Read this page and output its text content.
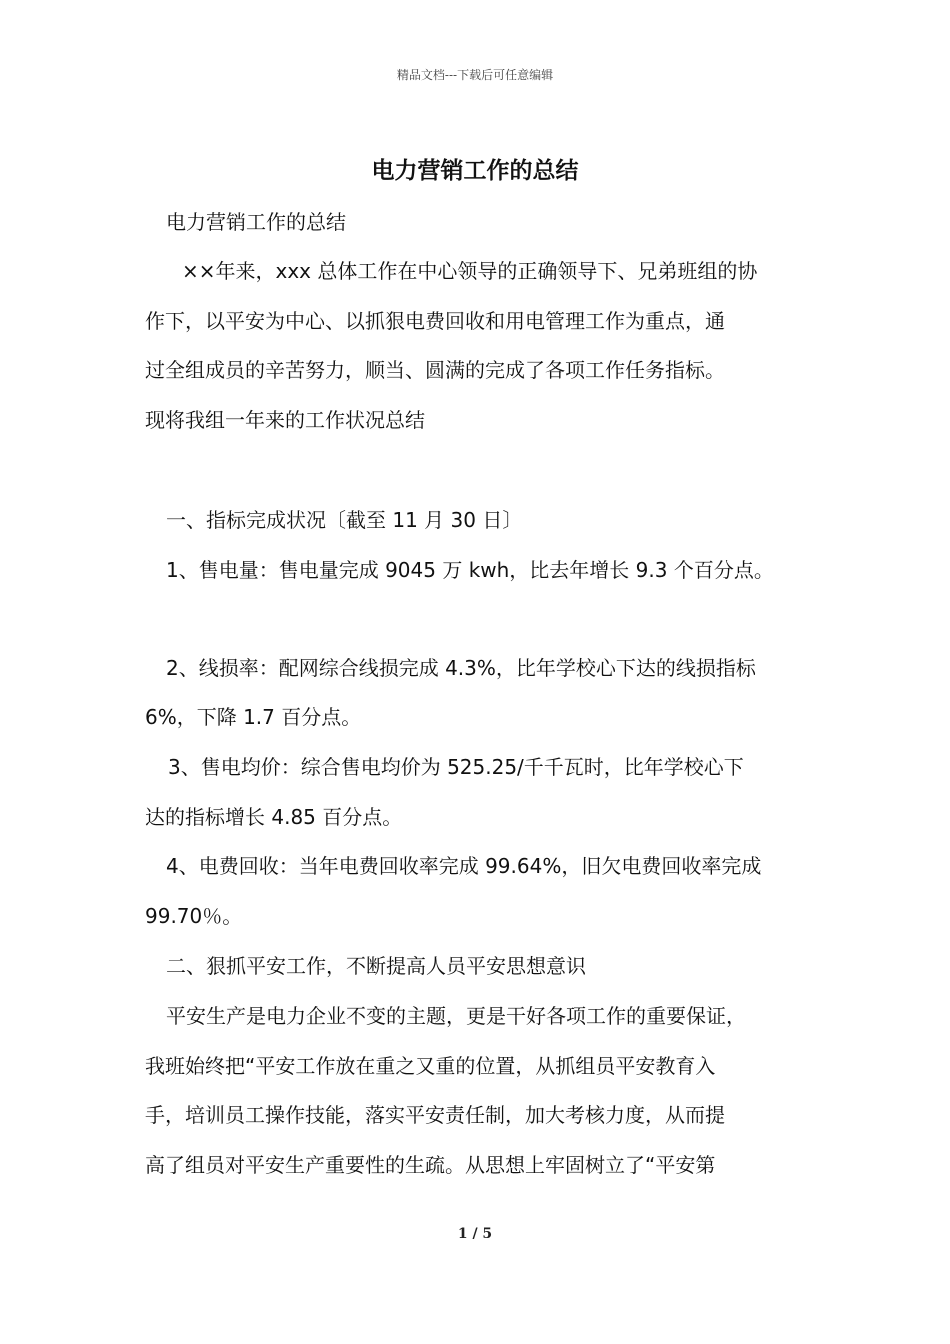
精品文档---下载后可任意编辑
电力营销工作的总结
电力营销工作的总结
××年来，xxx 总体工作在中心领导的正确领导下、兄弟班组的协
作下，以平安为中心、以抓狠电费回收和用电管理工作为重点，通
过全组成员的辛苦努力，顺当、圆满的完成了各项工作任务指标。
现将我组一年来的工作状况总结
一、指标完成状况〔截至 11 月 30 日〕
1、售电量：售电量完成 9045 万 kwh，比去年增长 9.3 个百分点。
2、线损率：配网综合线损完成 4.3%，比年学校心下达的线损指标
6%，下降 1.7 百分点。
3、售电均价：综合售电均价为 525.25/千千瓦时，比年学校心下
达的指标增长 4.85 百分点。
4、电费回收：当年电费回收率完成 99.64%，旧欠电费回收率完成
99.70％。
二、狠抓平安工作，不断提高人员平安思想意识
平安生产是电力企业不变的主题，更是干好各项工作的重要保证，
我班始终把“平安工作放在重之又重的位置，从抓组员平安教育入
手，培训员工操作技能，落实平安责任制，加大考核力度，从而提
高了组员对平安生产重要性的生疏。从思想上牢固树立了“平安第
1 / 5
